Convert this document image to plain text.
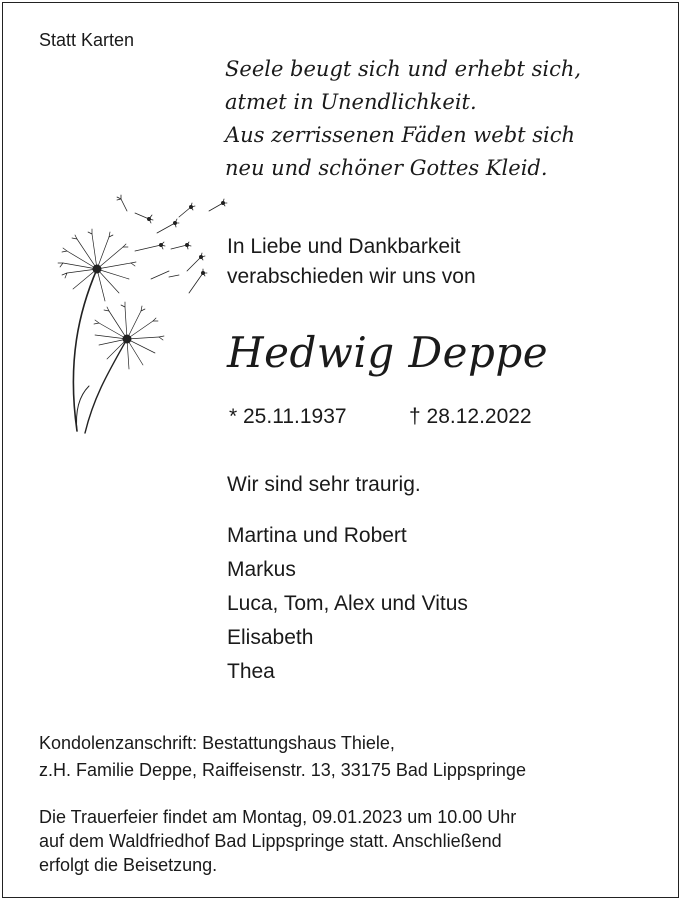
Statt Karten
Seele beugt sich und erhebt sich,
atmet in Unendlichkeit.
Aus zerrissenen Fäden webt sich
neu und schöner Gottes Kleid.
In Liebe und Dankbarkeit
verabschieden wir uns von
Hedwig Deppe
* 25.11.1937	† 28.12.2022
Wir sind sehr traurig.
Martina und Robert
Markus
Luca, Tom, Alex und Vitus
Elisabeth
Thea
Kondolenzanschrift: Bestattungshaus Thiele,
z.H. Familie Deppe, Raiffeisenstr. 13, 33175 Bad Lippspringe
Die Trauerfeier findet am Montag, 09.01.2023 um 10.00 Uhr
auf dem Waldfriedhof Bad Lippspringe statt. Anschließend
erfolgt die Beisetzung.
